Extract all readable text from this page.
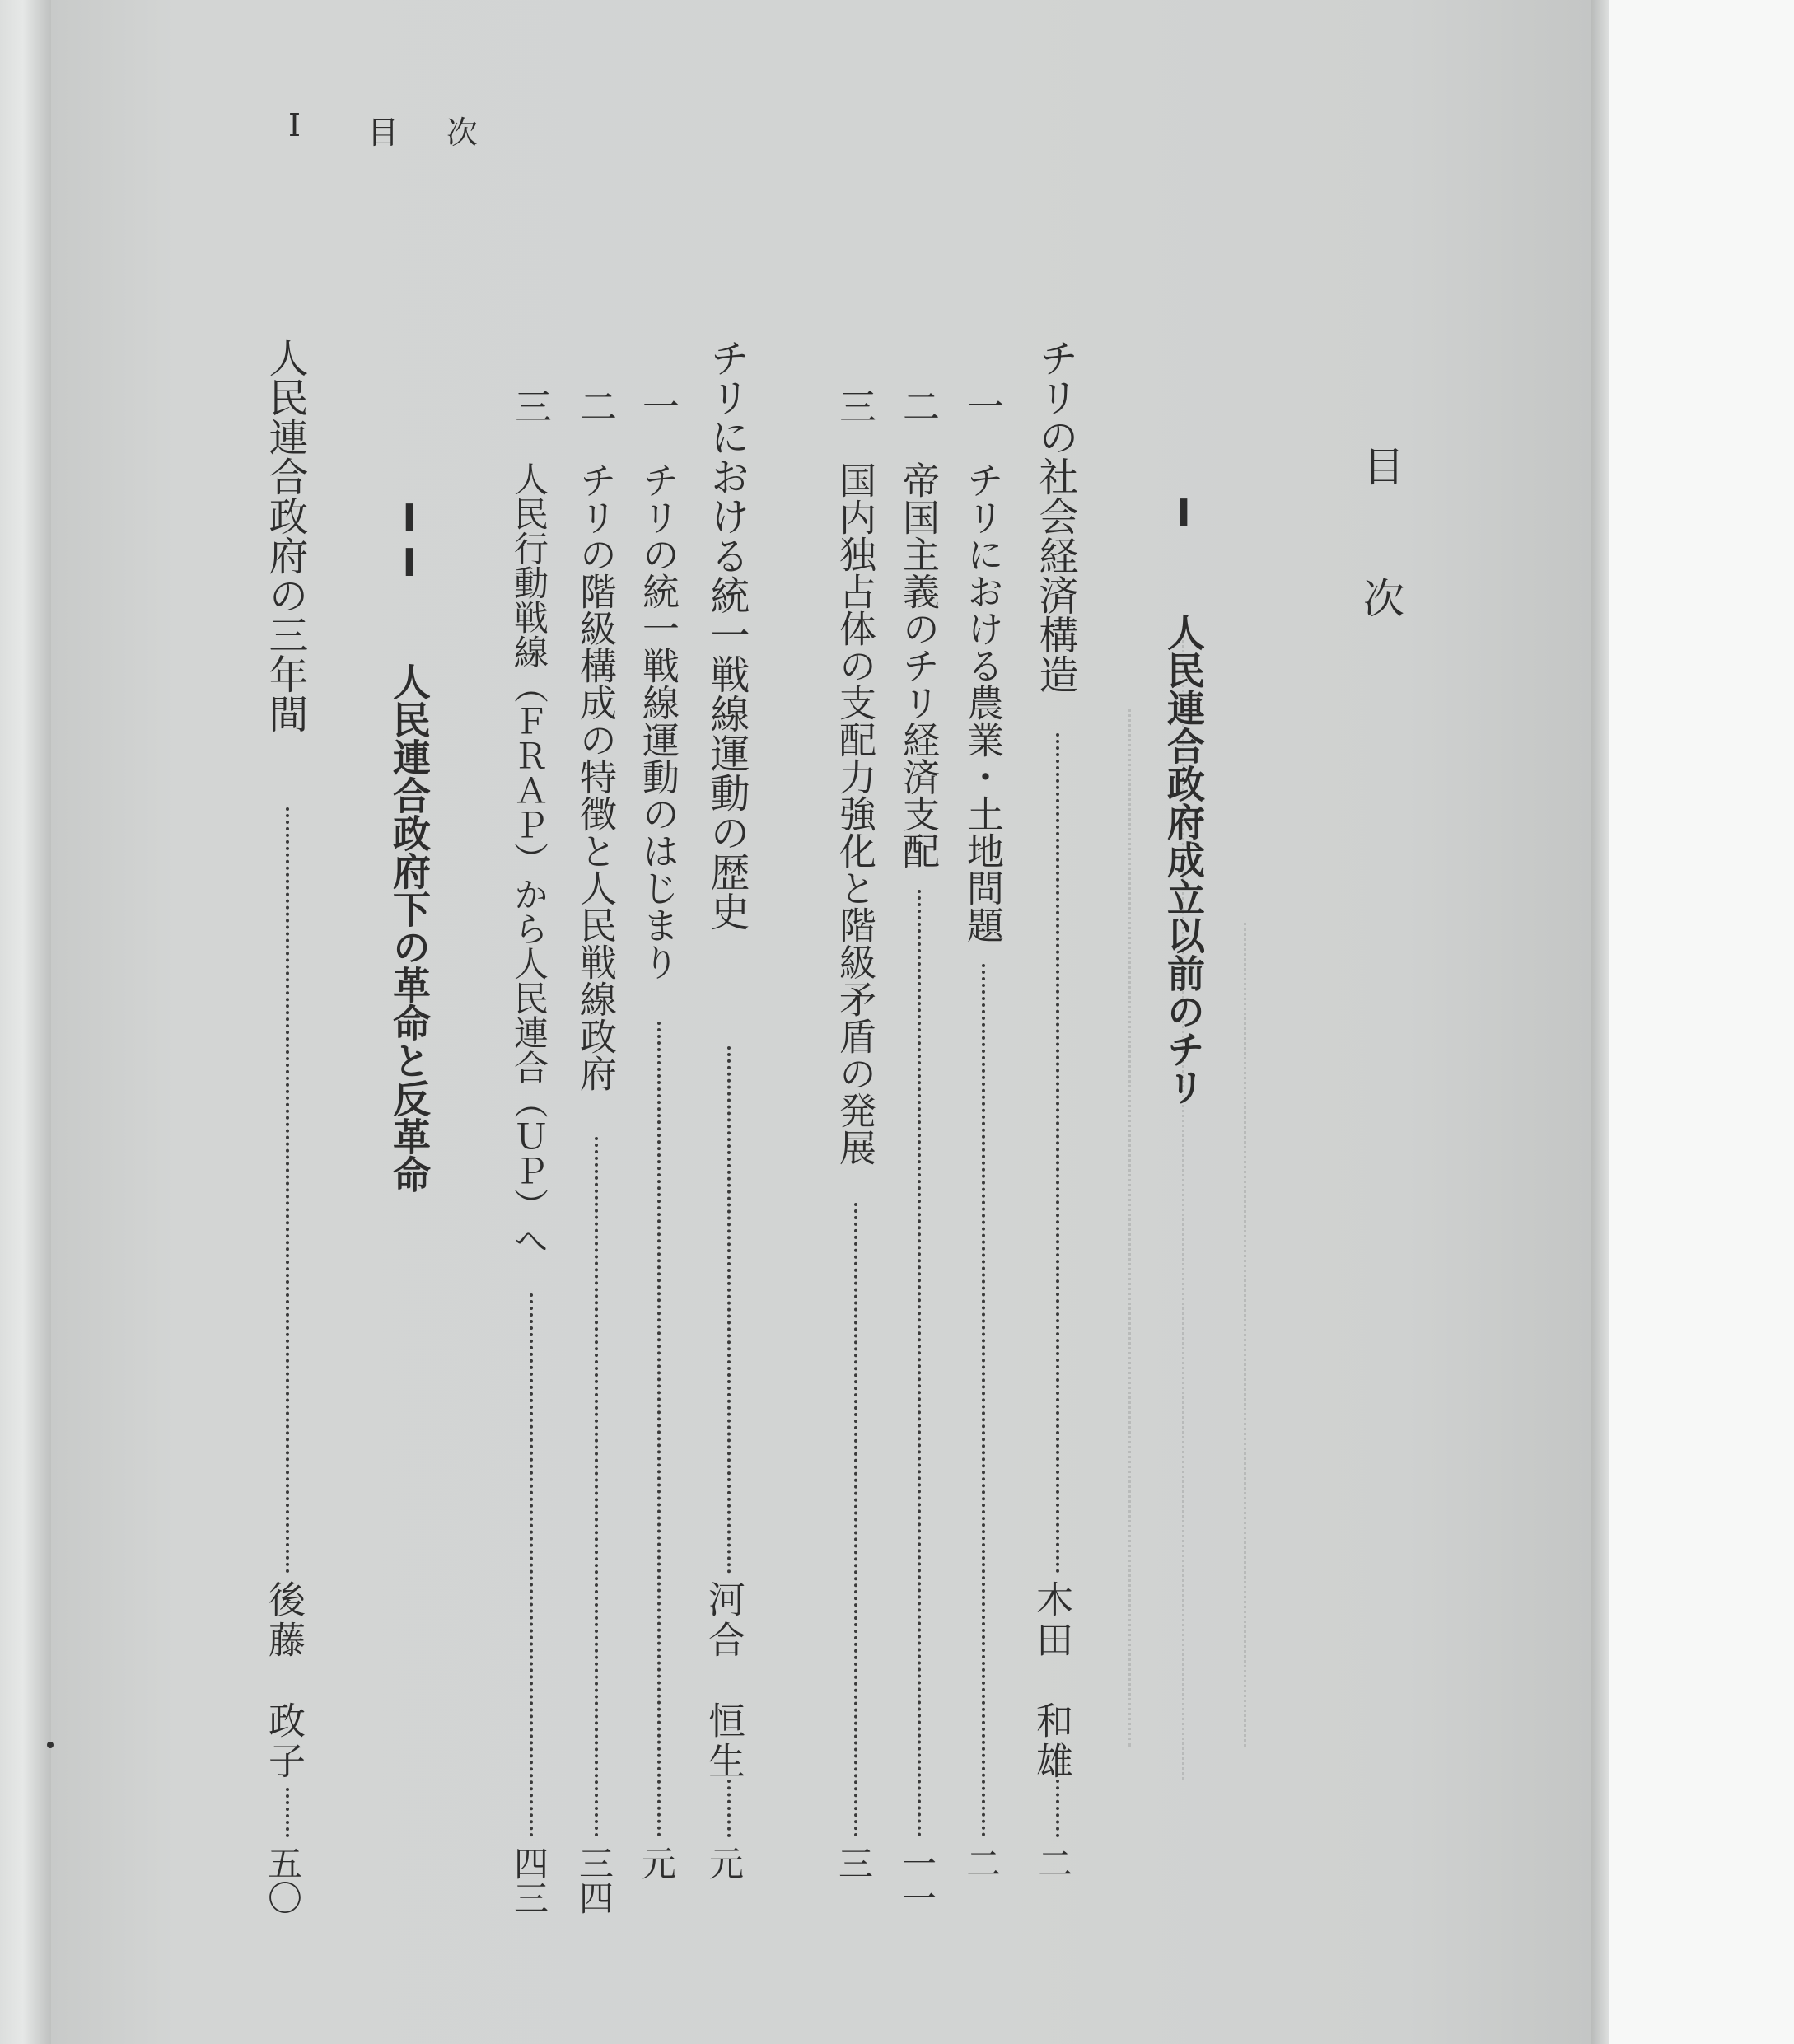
I	目	次
目次
I 人民連合政府成立以前のチリ
チリの社会経済構造
木田　和雄
二
一
チリにおける農業・土地問題
二
二
帝国主義のチリ経済支配
一一
三
国内独占体の支配力強化と階級矛盾の発展
三
チリにおける統一戦線運動の歴史
河合　恒生
元
一
チリの統一戦線運動のはじまり
元
二
チリの階級構成の特徴と人民戦線政府
三四
三
人民行動戦線（ＦＲＡＰ）から人民連合（ＵＰ）へ
四三
II 人民連合政府下の革命と反革命
人民連合政府の三年間
後藤　政子
五〇
